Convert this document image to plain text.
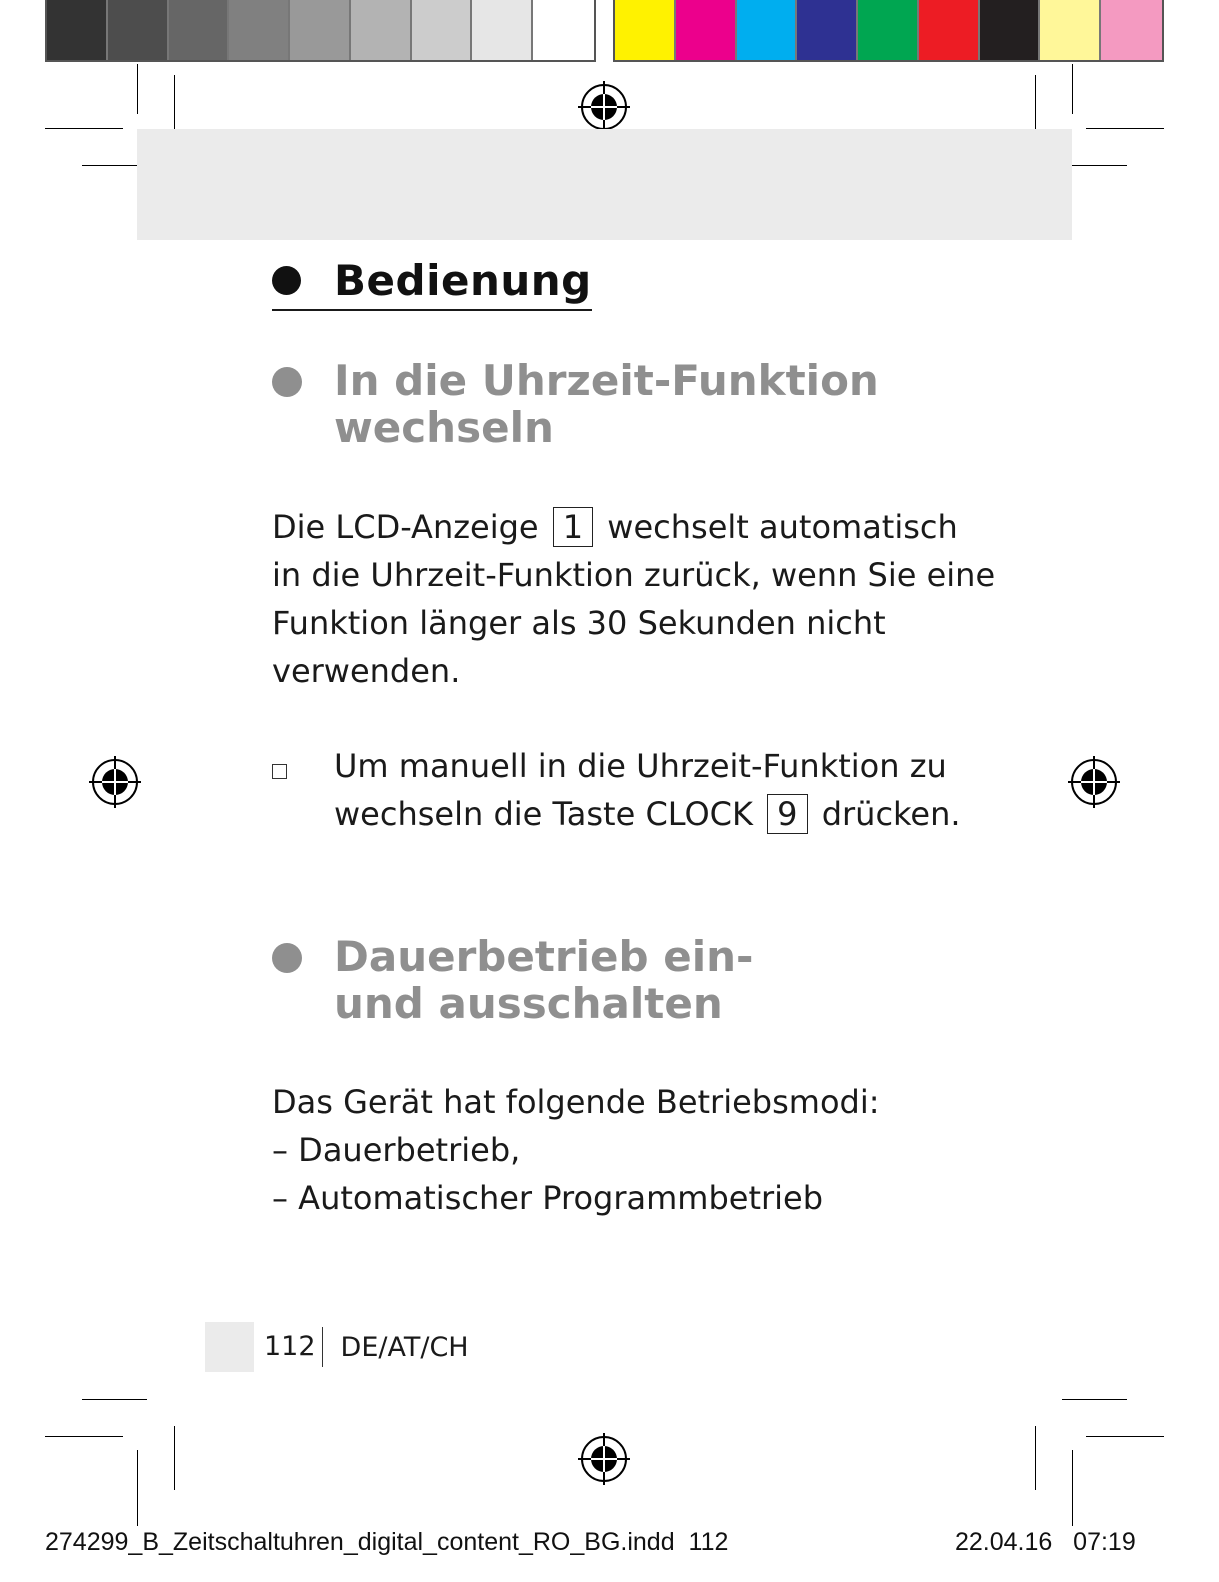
Bedienung
In die Uhrzeit-Funktion
wechseln
Die LCD-Anzeige 1 wechselt automatisch
in die Uhrzeit-Funktion zurück, wenn Sie eine
Funktion länger als 30 Sekunden nicht
verwenden.
Um manuell in die Uhrzeit-Funktion zu
wechseln die Taste CLOCK 9 drücken.
Dauerbetrieb ein-
und ausschalten
Das Gerät hat folgende Betriebsmodi:
– Dauerbetrieb,
– Automatischer Programmbetrieb
112 DE/AT/CH
274299_B_Zeitschaltuhren_digital_content_RO_BG.indd 112	22.04.16 07:19
